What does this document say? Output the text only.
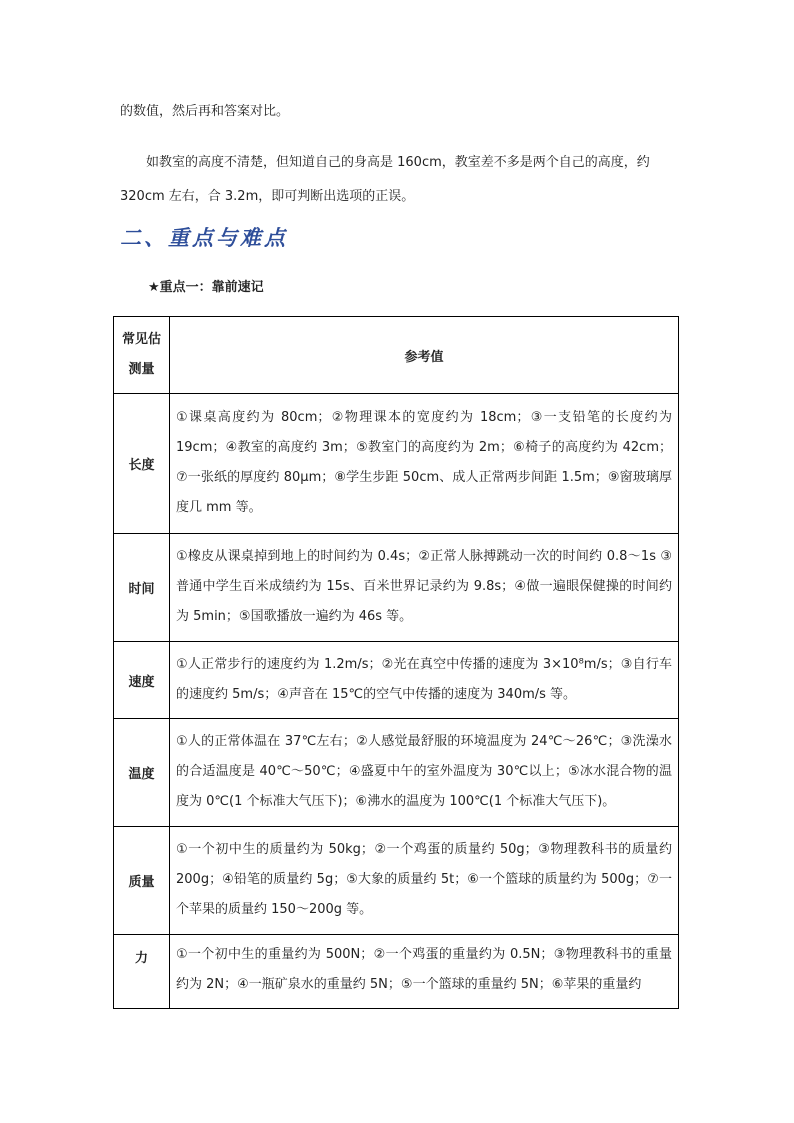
的数值，然后再和答案对比。

如教室的高度不清楚，但知道自己的身高是 160cm，教室差不多是两个自己的高度，约 320cm 左右，合 3.2m，即可判断出选项的正误。

二、重点与难点

★重点一：靠前速记

常见估测量	参考值
长度	①课桌高度约为 80cm；②物理课本的宽度约为 18cm；③一支铅笔的长度约为 19cm；④教室的高度约 3m；⑤教室门的高度约为 2m；⑥椅子的高度约为 42cm；⑦一张纸的厚度约 80μm；⑧学生步距 50cm、成人正常两步间距 1.5m；⑨窗玻璃厚度几 mm 等。
时间	①橡皮从课桌掉到地上的时间约为 0.4s；②正常人脉搏跳动一次的时间约 0.8～1s ③普通中学生百米成绩约为 15s、百米世界记录约为 9.8s；④做一遍眼保健操的时间约为 5min；⑤国歌播放一遍约为 46s 等。
速度	①人正常步行的速度约为 1.2m/s；②光在真空中传播的速度为 3×10⁸m/s；③自行车的速度约 5m/s；④声音在 15℃的空气中传播的速度为 340m/s 等。
温度	①人的正常体温在 37℃左右；②人感觉最舒服的环境温度为 24℃～26℃；③洗澡水的合适温度是 40℃～50℃；④盛夏中午的室外温度为 30℃以上；⑤冰水混合物的温度为 0℃(1 个标准大气压下)；⑥沸水的温度为 100℃(1 个标准大气压下)。
质量	①一个初中生的质量约为 50kg；②一个鸡蛋的质量约 50g；③物理教科书的质量约 200g；④铅笔的质量约 5g；⑤大象的质量约 5t；⑥一个篮球的质量约为 500g；⑦一个苹果的质量约 150～200g 等。
力	①一个初中生的重量约为 500N；②一个鸡蛋的重量约为 0.5N；③物理教科书的重量约为 2N；④一瓶矿泉水的重量约 5N；⑤一个篮球的重量约 5N；⑥苹果的重量约
